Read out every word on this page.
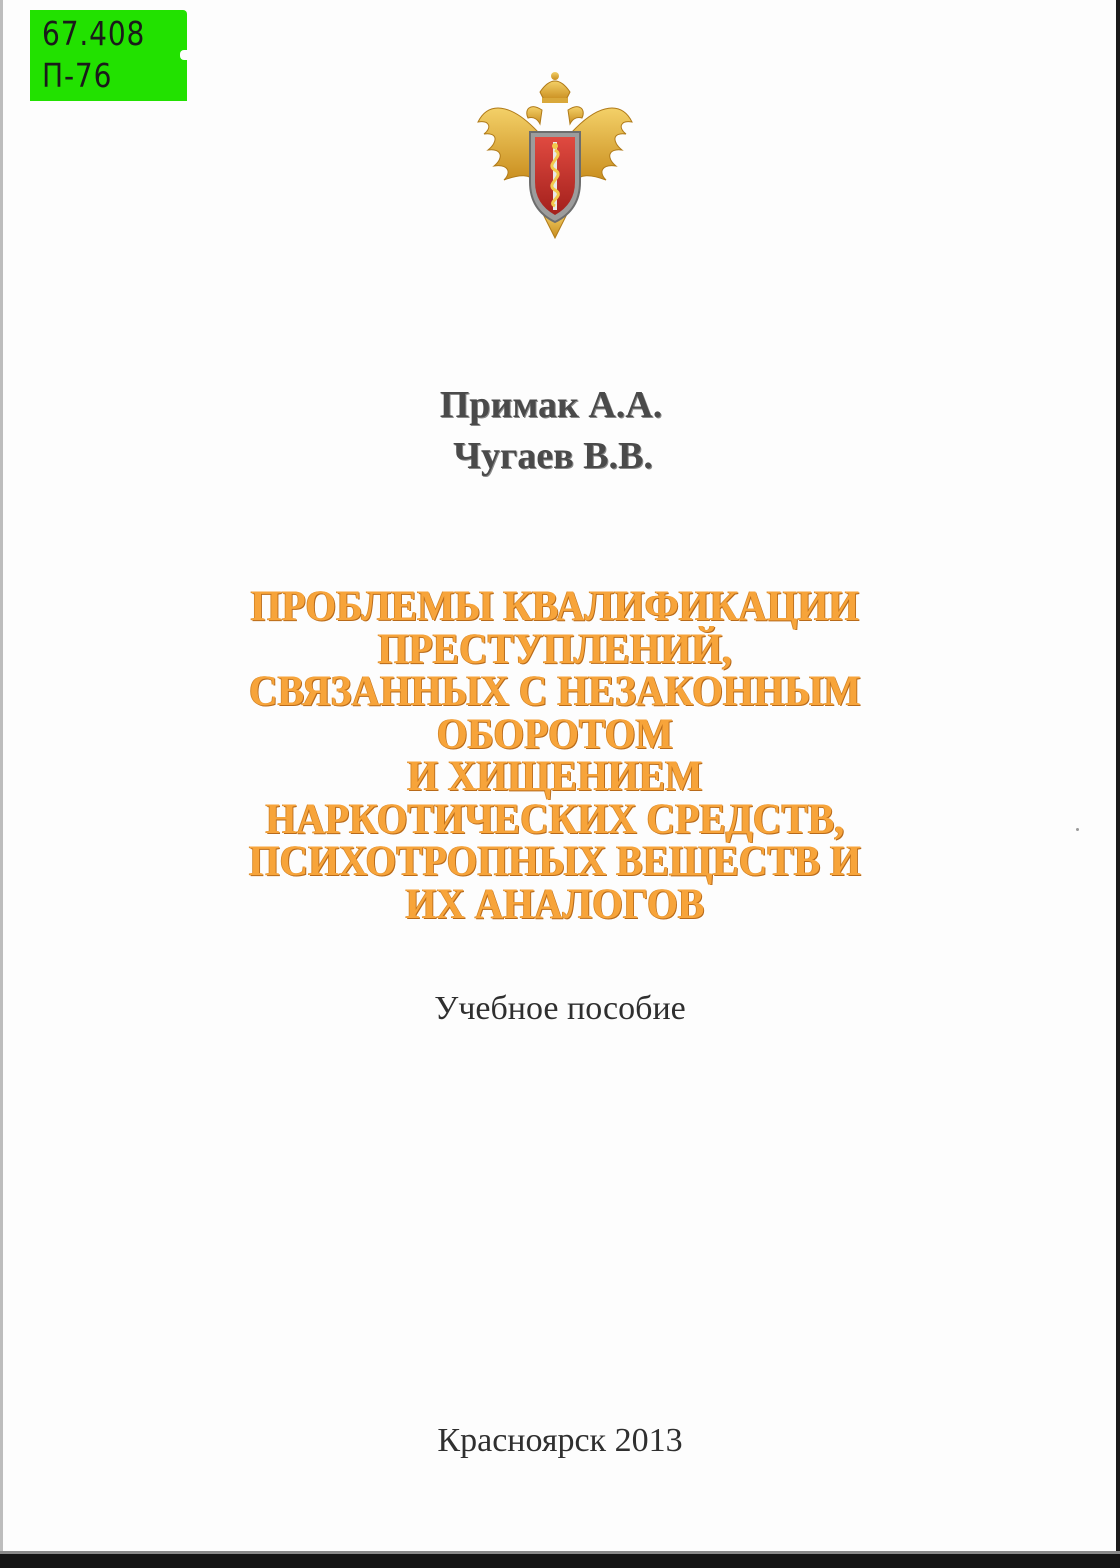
67.408
П-76
Примак А.А.
Чугаев В.В.
ПРОБЛЕМЫ КВАЛИФИКАЦИИ
ПРЕСТУПЛЕНИЙ,
СВЯЗАННЫХ С НЕЗАКОННЫМ
ОБОРОТОМ
И ХИЩЕНИЕМ
НАРКОТИЧЕСКИХ СРЕДСТВ,
ПСИХОТРОПНЫХ ВЕЩЕСТВ И
ИХ АНАЛОГОВ
Учебное пособие
Красноярск 2013
